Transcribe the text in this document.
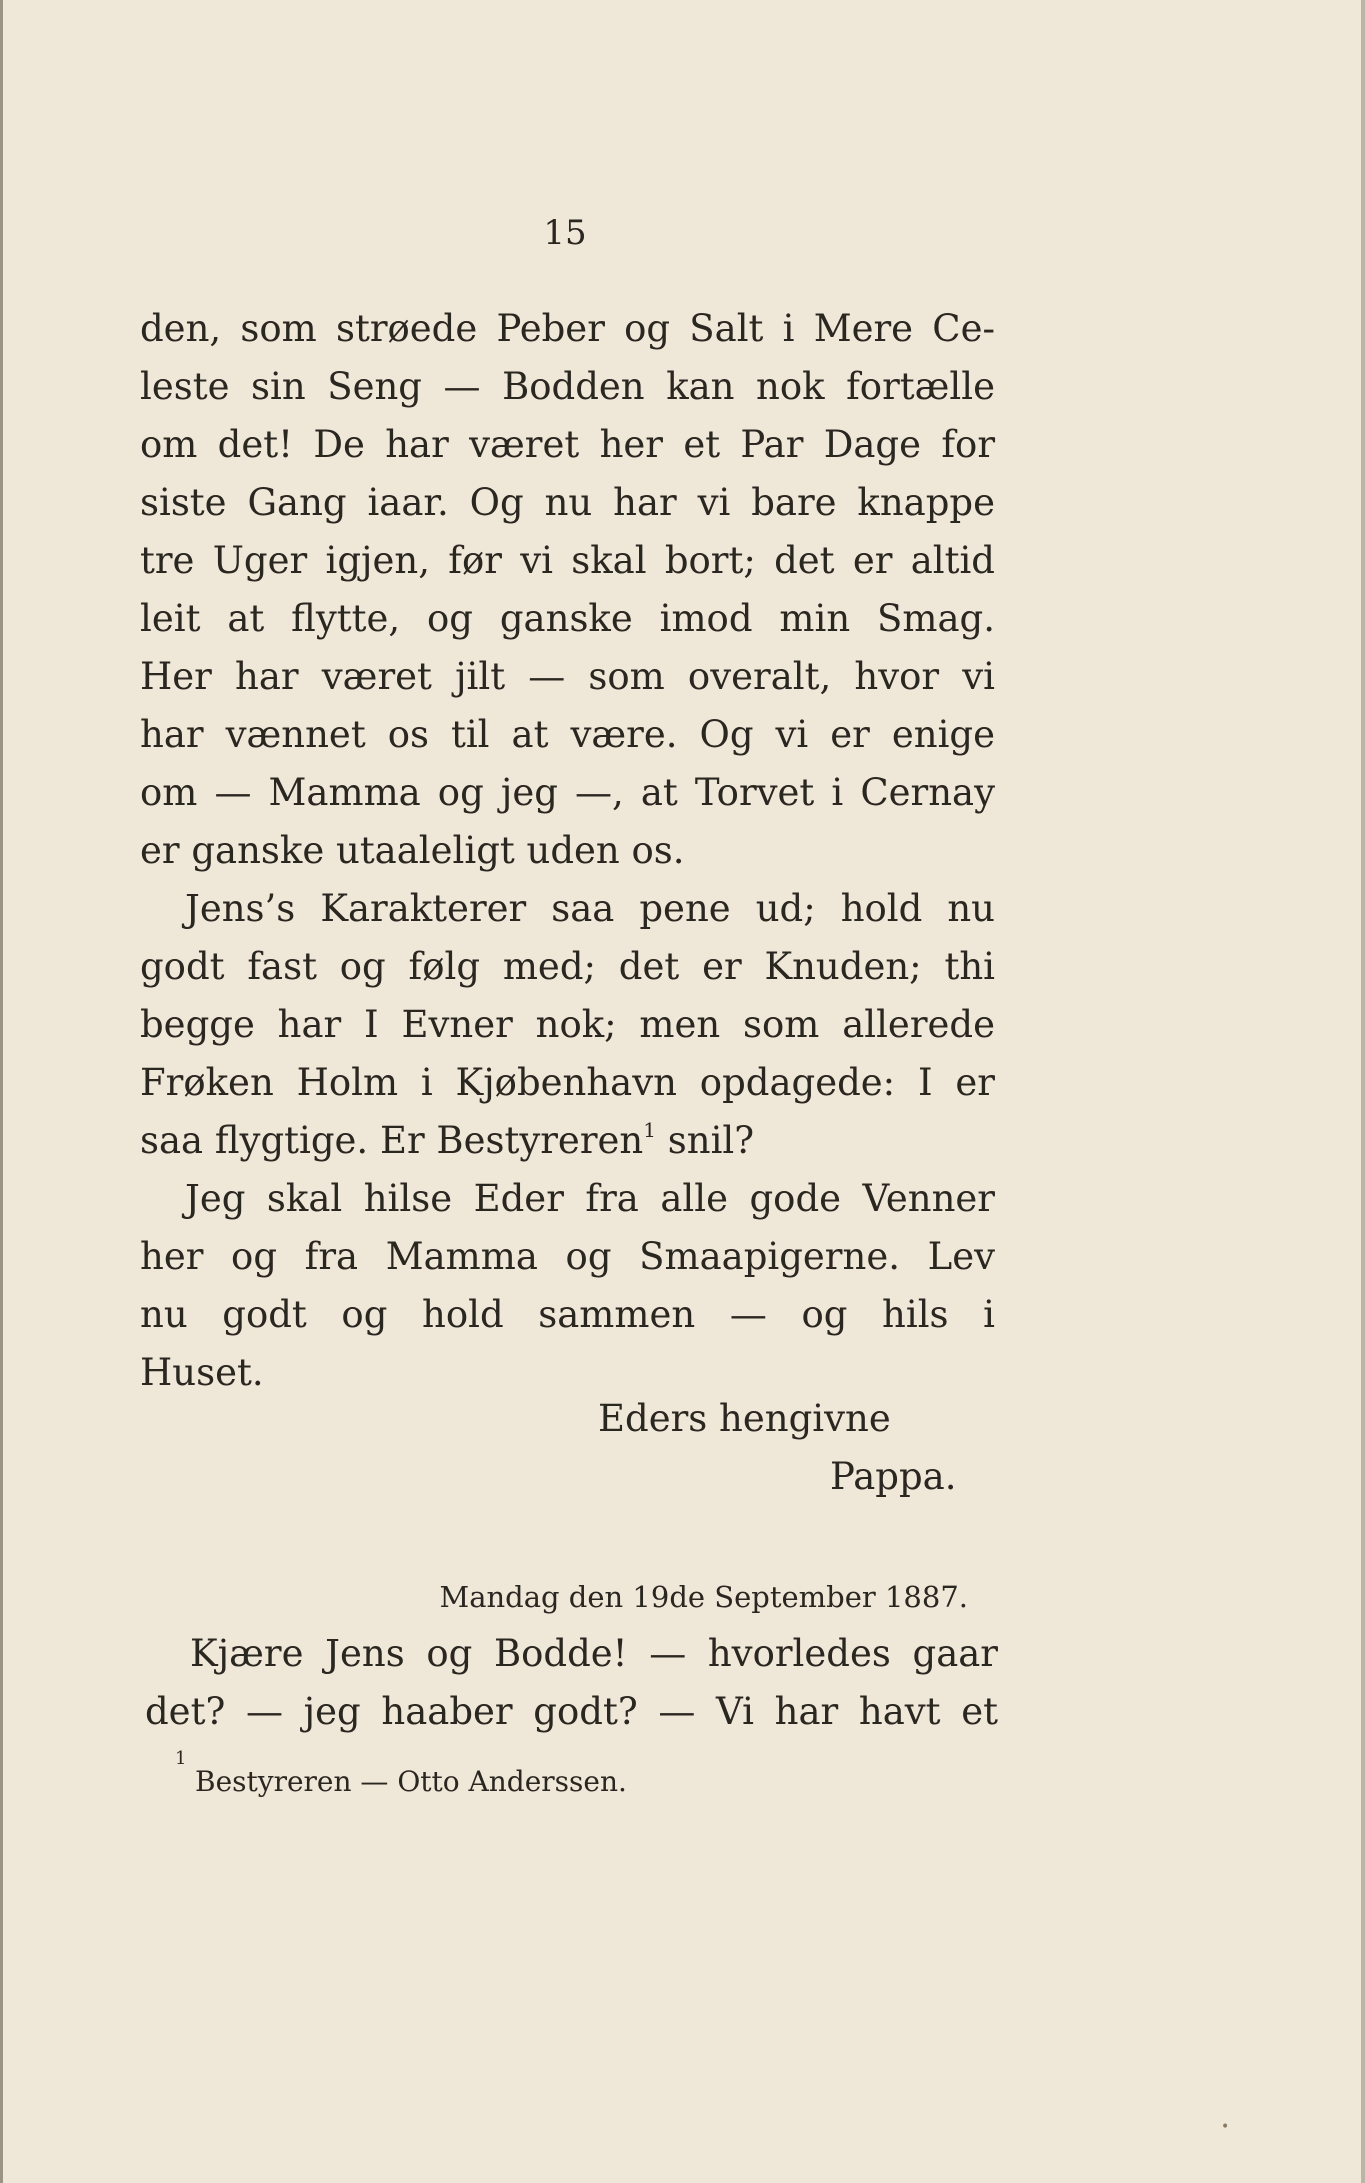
15
den, som strøede Peber og Salt i Mere Ce-
leste sin Seng — Bodden kan nok fortælle
om det! De har været her et Par Dage for
siste Gang iaar. Og nu har vi bare knappe
tre Uger igjen, før vi skal bort; det er altid
leit at flytte, og ganske imod min Smag.
Her har været jilt — som overalt, hvor vi
har vænnet os til at være. Og vi er enige
om — Mamma og jeg —, at Torvet i Cernay
er ganske utaaleligt uden os.
Jens’s Karakterer saa pene ud; hold nu
godt fast og følg med; det er Knuden; thi
begge har I Evner nok; men som allerede
Frøken Holm i Kjøbenhavn opdagede: I er
saa flygtige. Er Bestyreren$^1$ snil?
Jeg skal hilse Eder fra alle gode Venner
her og fra Mamma og Smaapigerne. Lev
nu godt og hold sammen — og hils i
Huset.
Eders hengivne
Pappa.
Mandag den 19de September 1887.
Kjære Jens og Bodde! — hvorledes gaar
det? — jeg haaber godt? — Vi har havt et
1
Bestyreren — Otto Anderssen.
•
